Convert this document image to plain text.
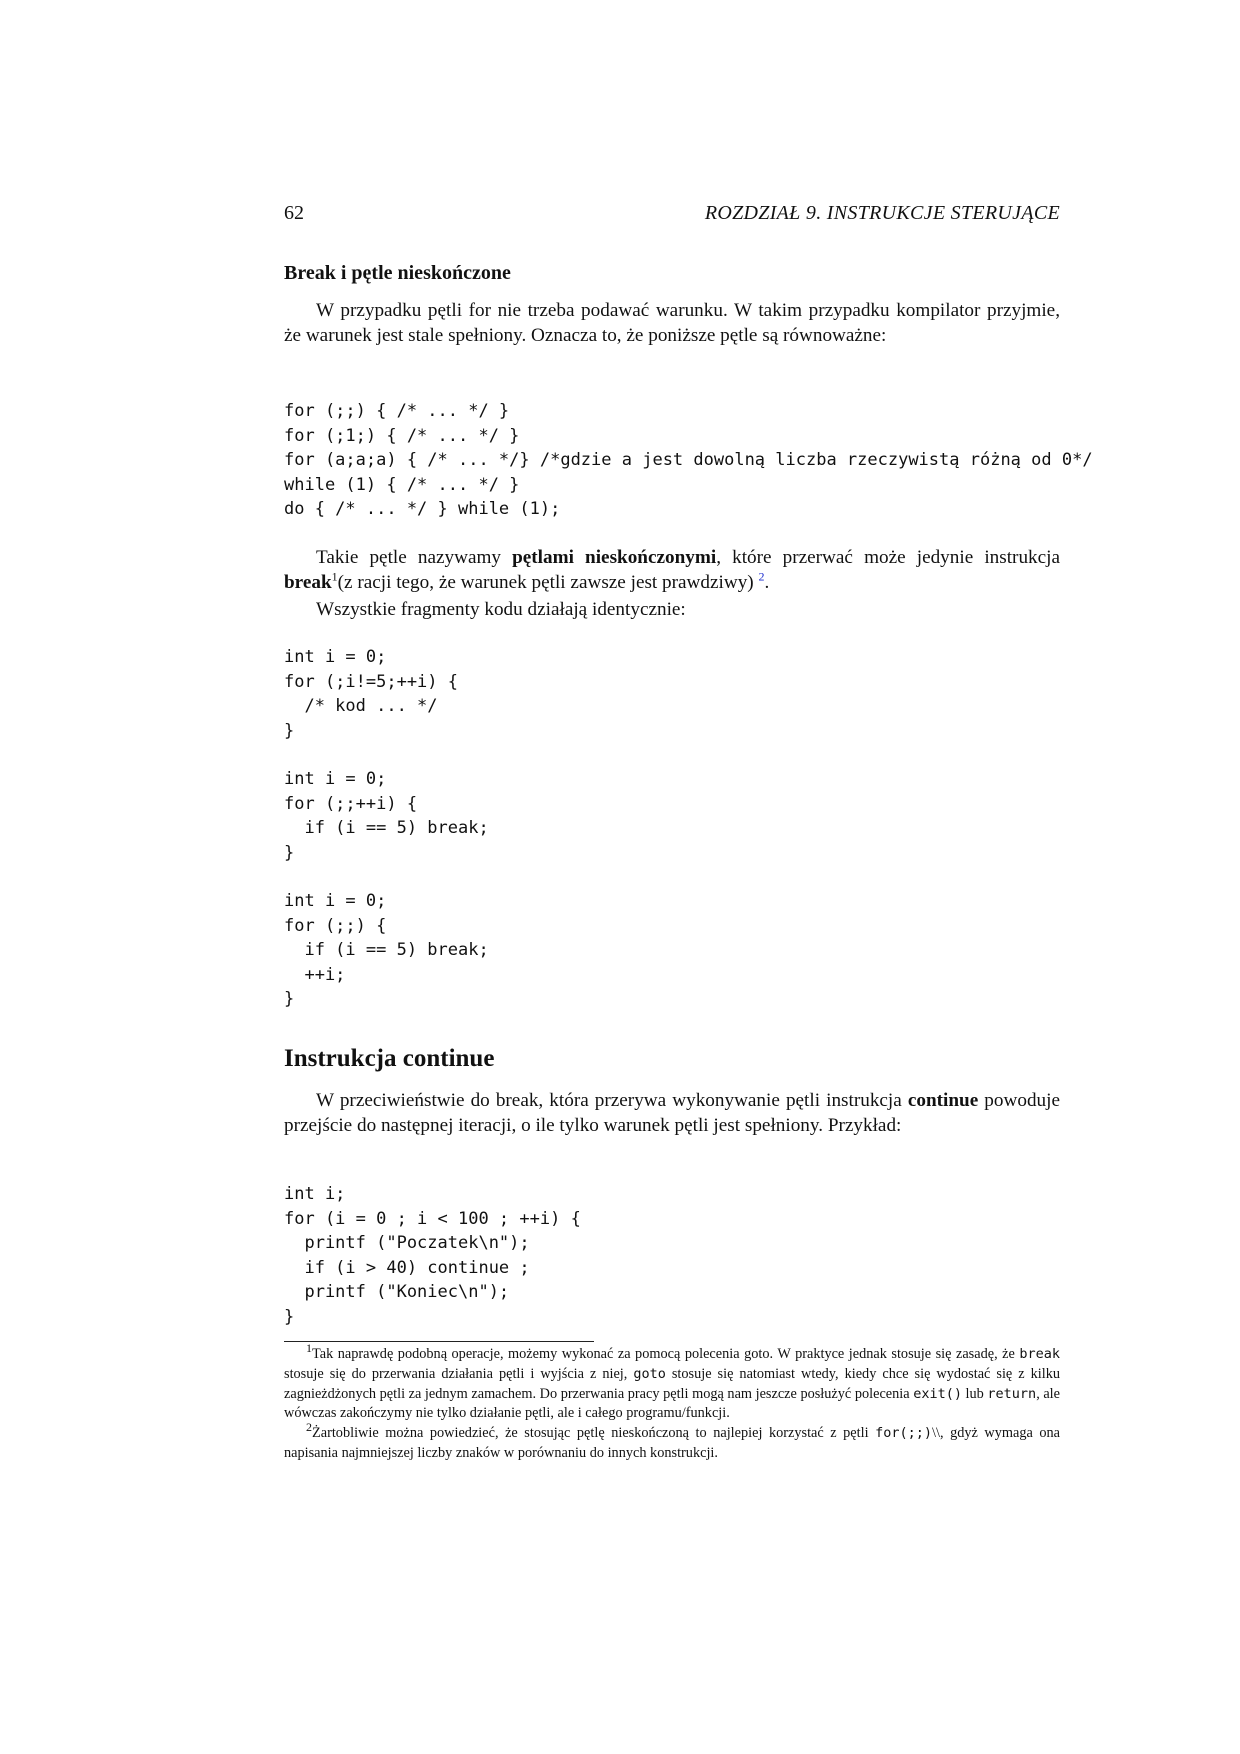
62	ROZDZIAŁ 9. INSTRUKCJE STERUJĄCE
Break i pętle nieskończone

W przypadku pętli for nie trzeba podawać warunku. W takim przypadku kompilator przyjmie, że warunek jest stale spełniony. Oznacza to, że poniższe pętle są równoważne:

for (;;) { /* ... */ }
for (;1;) { /* ... */ }
for (a;a;a) { /* ... */} /*gdzie a jest dowolną liczba rzeczywistą różną od 0*/
while (1) { /* ... */ }
do { /* ... */ } while (1);

Takie pętle nazywamy pętlami nieskończonymi, które przerwać może jedynie instrukcja break$^1$(z racji tego, że warunek pętli zawsze jest prawdziwy) $^2$.

Wszystkie fragmenty kodu działają identycznie:

int i = 0;
for (;i!=5;++i) {
/* kod ... */
}
int i = 0;
for (;;++i) {
if (i == 5) break;
}
int i = 0;
for (;;) {
if (i == 5) break;
++i;
}
Instrukcja continue

W przeciwieństwie do break, która przerywa wykonywanie pętli instrukcja continue powoduje przejście do następnej iteracji, o ile tylko warunek pętli jest spełniony. Przykład:

int i;
for (i = 0 ; i < 100 ; ++i) {
printf ("Poczatek\n");
if (i > 40) continue ;
printf ("Koniec\n");
}

$^1$Tak naprawdę podobną operacje, możemy wykonać za pomocą polecenia goto. W praktyce jednak stosuje się zasadę, że break stosuje się do przerwania działania pętli i wyjścia z niej, goto stosuje się natomiast wtedy, kiedy chce się wydostać się z kilku zagnieżdżonych pętli za jednym zamachem. Do przerwania pracy pętli mogą nam jeszcze posłużyć polecenia exit() lub return, ale wówczas zakończymy nie tylko działanie pętli, ale i całego programu/funkcji.

$^2$Żartobliwie można powiedzieć, że stosując pętlę nieskończoną to najlepiej korzystać z pętli for(;;)\\, gdyż wymaga ona napisania najmniejszej liczby znaków w porównaniu do innych konstrukcji.
